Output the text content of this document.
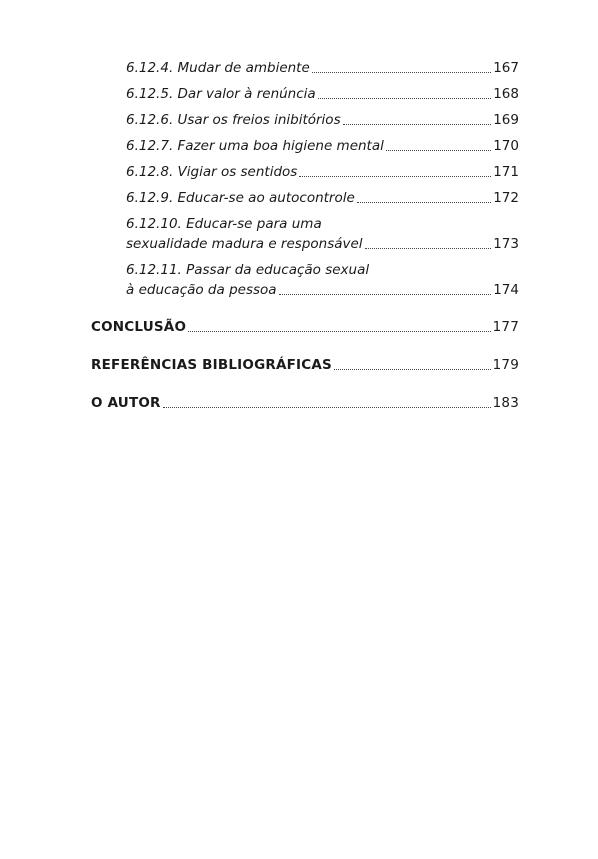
6.12.4. Mudar de ambiente	167
6.12.5. Dar valor à renúncia	168
6.12.6. Usar os freios inibitórios	169
6.12.7. Fazer uma boa higiene mental	170
6.12.8. Vigiar os sentidos	171
6.12.9. Educar-se ao autocontrole	172
6.12.10. Educar-se para uma
sexualidade madura e responsável	173
6.12.11. Passar da educação sexual
à educação da pessoa	174
CONCLUSÃO	177
REFERÊNCIAS BIBLIOGRÁFICAS	179
O AUTOR	183
